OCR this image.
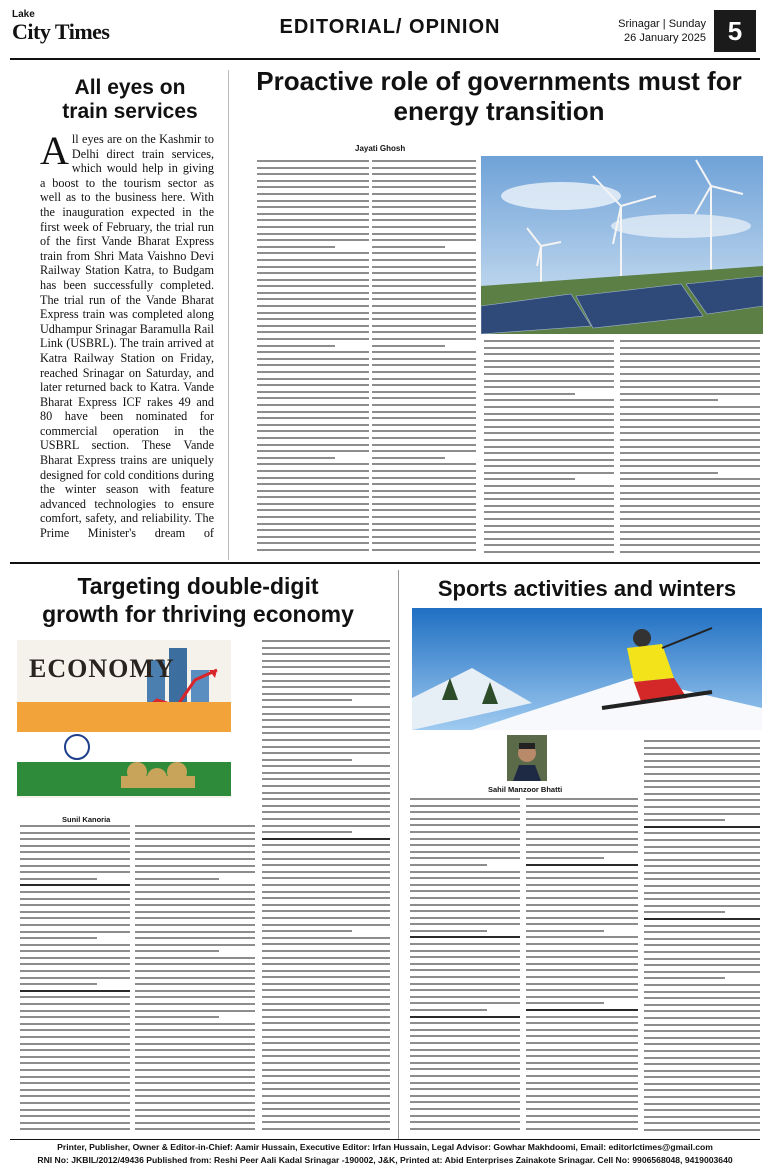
Lake
City Times	EDITORIAL/ OPINION	Srinagar | Sunday
26 January 2025 5
All eyes on train services
All eyes are on the Kashmir to Delhi direct train services, which would help in giving a boost to the tourism sector as well as to the business here. With the inauguration expected in the first week of February, the trial run of the first Vande Bharat Express train from Shri Mata Vaishno Devi Railway Station Katra, to Budgam has been successfully completed. The trial run of the Vande Bharat Express train was completed along Udhampur Srinagar Baramulla Rail Link (USBRL). The train arrived at Katra Railway Station on Friday, reached Srinagar on Saturday, and later returned back to Katra. Vande Bharat Express ICF rakes 49 and 80 have been nominated for commercial operation in the USBRL section. These Vande Bharat Express trains are uniquely designed for cold conditions during the winter season with feature advanced technologies to ensure comfort, safety, and reliability. The Prime Minister's dream of
Proactive role of governments must for energy transition
Jayati Ghosh
Targeting double-digit growth for thriving economy
ECONOMY
Sunil Kanoria
Sports activities and winters
Sahil Manzoor Bhatti
Printer, Publisher, Owner & Editor-in-Chief: Aamir Hussain, Executive Editor: Irfan Hussain, Legal Advisor: Gowhar Makhdoomi, Email: editorlctimes@gmail.com
RNI No: JKBIL/2012/49436 Published from: Reshi Peer Aali Kadal Srinagar -190002, J&K, Printed at: Abid Enterprises Zainakote Srinagar. Cell No: 9906568048, 9419003640
